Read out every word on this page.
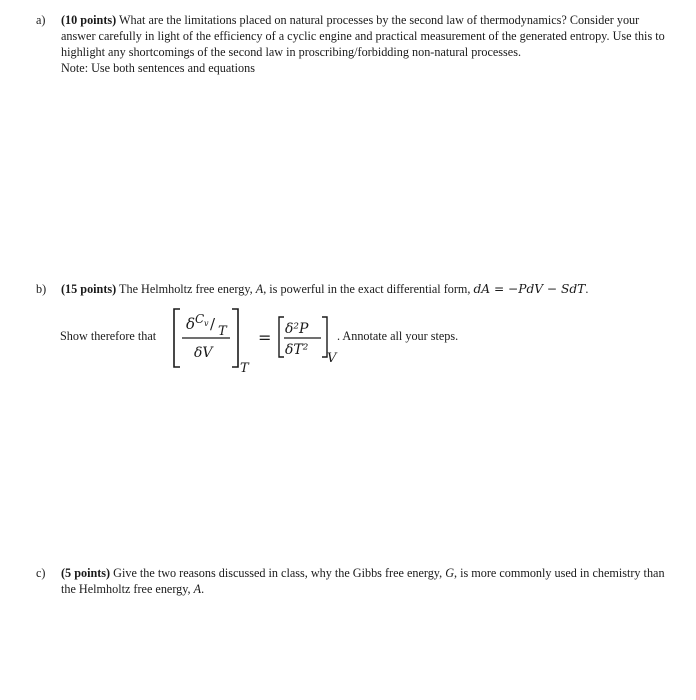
a) (10 points) What are the limitations placed on natural processes by the second law of thermodynamics? Consider your answer carefully in light of the efficiency of a cyclic engine and practical measurement of the generated entropy. Use this to highlight any shortcomings of the second law in proscribing/forbidding non-natural processes.
Note: Use both sentences and equations
b) (15 points) The Helmholtz free energy, A, is powerful in the exact differential form, dA = −PdV − SdT.
Show therefore that
δ C v / T
δV
T
= δ²P
δT²
V
. Annotate all your steps.
c) (5 points) Give the two reasons discussed in class, why the Gibbs free energy, G, is more commonly used in chemistry than the Helmholtz free energy, A.
